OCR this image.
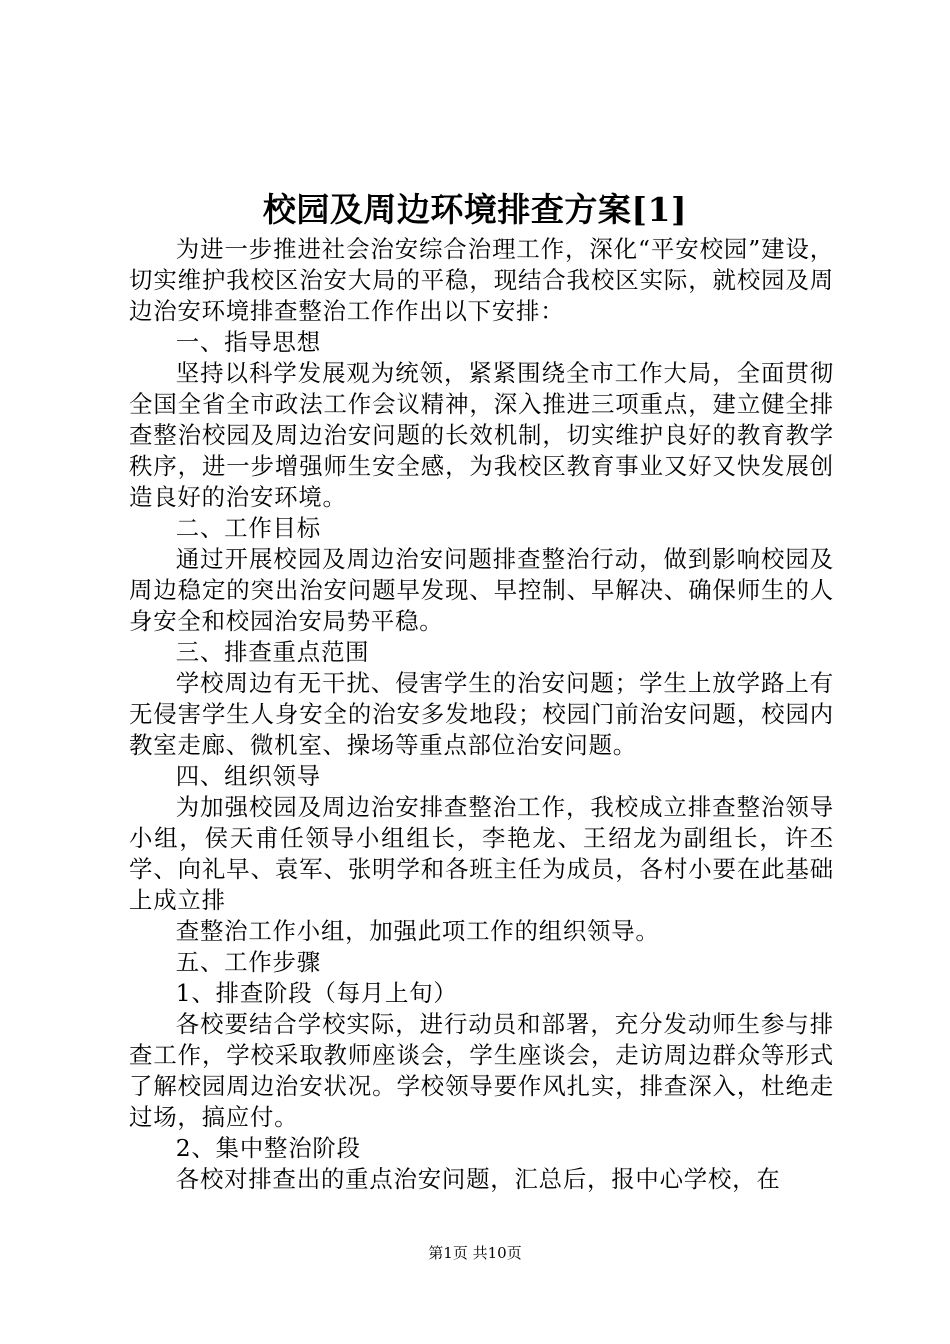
校园及周边环境排查方案[1]

为进一步推进社会治安综合治理工作，深化“平安校园”建设，切实维护我校区治安大局的平稳，现结合我校区实际，就校园及周边治安环境排查整治工作作出以下安排：

一、指导思想

坚持以科学发展观为统领，紧紧围绕全市工作大局，全面贯彻全国全省全市政法工作会议精神，深入推进三项重点，建立健全排查整治校园及周边治安问题的长效机制，切实维护良好的教育教学秩序，进一步增强师生安全感，为我校区教育事业又好又快发展创造良好的治安环境。

二、工作目标

通过开展校园及周边治安问题排查整治行动，做到影响校园及周边稳定的突出治安问题早发现、早控制、早解决、确保师生的人身安全和校园治安局势平稳。

三、排查重点范围

学校周边有无干扰、侵害学生的治安问题；学生上放学路上有无侵害学生人身安全的治安多发地段；校园门前治安问题，校园内教室走廊、微机室、操场等重点部位治安问题。

四、组织领导

为加强校园及周边治安排查整治工作，我校成立排查整治领导小组，侯天甫任领导小组组长，李艳龙、王绍龙为副组长，许丕学、向礼早、袁军、张明学和各班主任为成员，各村小要在此基础上成立排

查整治工作小组，加强此项工作的组织领导。

五、工作步骤

1、排查阶段（每月上旬）

各校要结合学校实际，进行动员和部署，充分发动师生参与排查工作，学校采取教师座谈会，学生座谈会，走访周边群众等形式了解校园周边治安状况。学校领导要作风扎实，排查深入，杜绝走过场，搞应付。

2、集中整治阶段

各校对排查出的重点治安问题，汇总后，报中心学校，在

第1页 共10页
